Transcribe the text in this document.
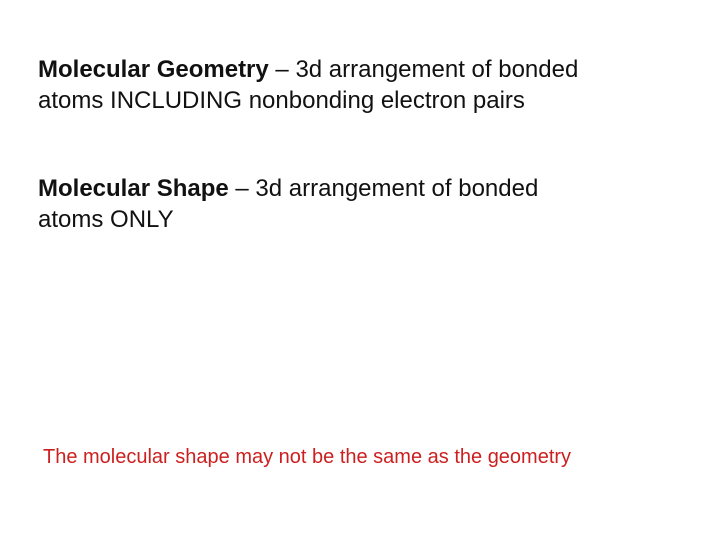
Molecular Geometry – 3d arrangement of bonded
atoms INCLUDING nonbonding electron pairs

Molecular Shape – 3d arrangement of bonded
atoms ONLY

The molecular shape may not be the same as the geometry
